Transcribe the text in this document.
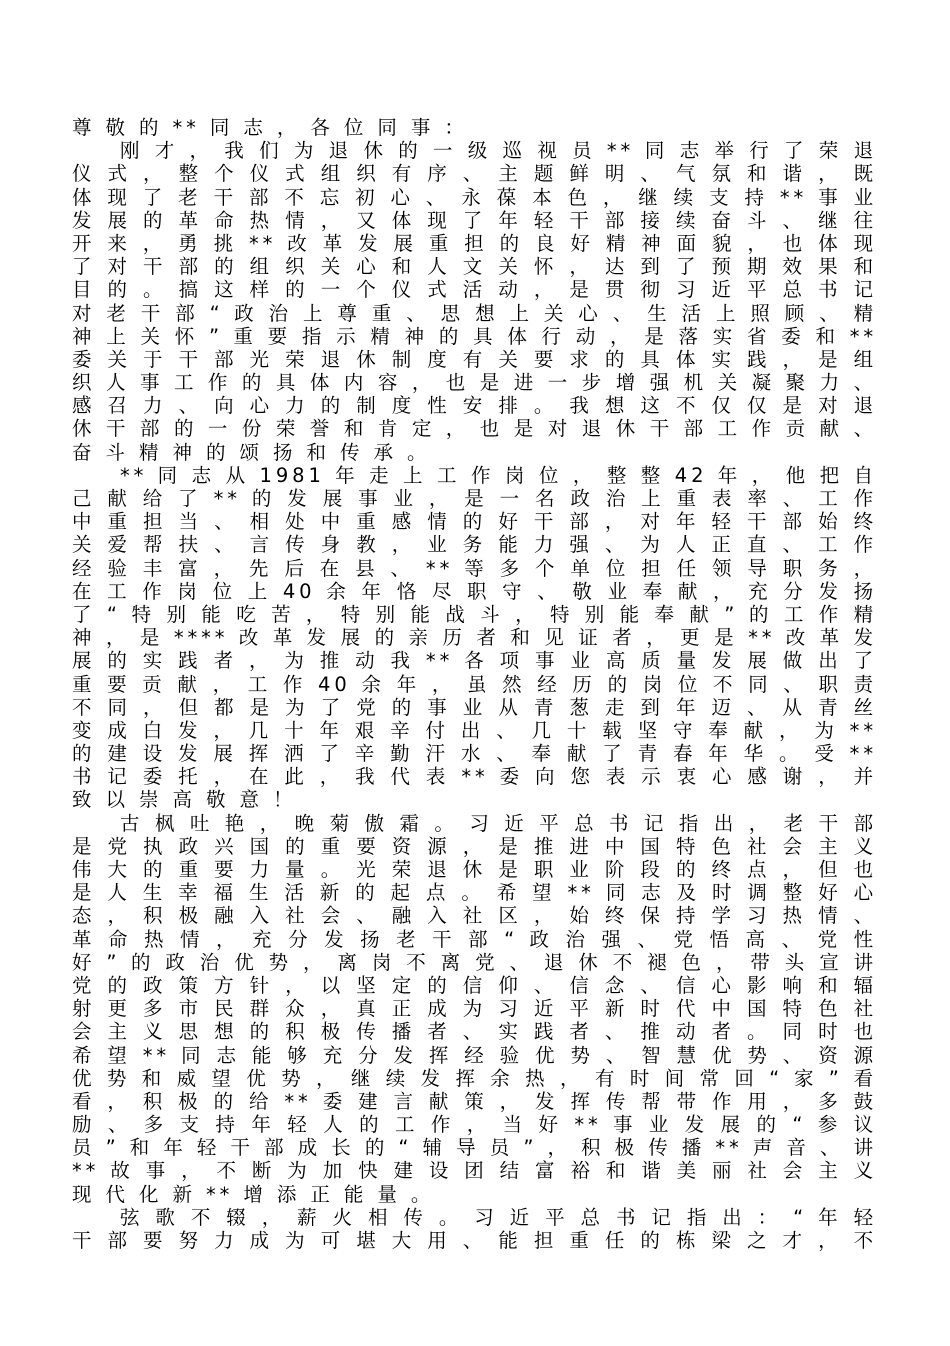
尊 敬 的 ** 同 志 ， 各 位 同 事 ：
刚 才 ， 我 们 为 退 休 的 一 级 巡 视 员 ** 同 志 举 行 了 荣 退
仪 式 ， 整 个 仪 式 组 织 有 序 、 主 题 鲜 明 、 气 氛 和 谐 ， 既
体 现 了 老 干 部 不 忘 初 心 、 永 葆 本 色 ， 继 续 支 持 ** 事 业
发 展 的 革 命 热 情 ， 又 体 现 了 年 轻 干 部 接 续 奋 斗 、 继 往
开 来 ， 勇 挑 ** 改 革 发 展 重 担 的 良 好 精 神 面 貌 ， 也 体 现
了 对 干 部 的 组 织 关 心 和 人 文 关 怀 ， 达 到 了 预 期 效 果 和
目 的 。 搞 这 样 的 一 个 仪 式 活 动 ， 是 贯 彻 习 近 平 总 书 记
对 老 干 部 “ 政 治 上 尊 重 、 思 想 上 关 心 、 生 活 上 照 顾 、 精
神 上 关 怀 ” 重 要 指 示 精 神 的 具 体 行 动 ， 是 落 实 省 委 和 **
委 关 于 干 部 光 荣 退 休 制 度 有 关 要 求 的 具 体 实 践 ， 是 组
织 人 事 工 作 的 具 体 内 容 ， 也 是 进 一 步 增 强 机 关 凝 聚 力 、
感 召 力 、 向 心 力 的 制 度 性 安 排 。 我 想 这 不 仅 仅 是 对 退
休 干 部 的 一 份 荣 誉 和 肯 定 ， 也 是 对 退 休 干 部 工 作 贡 献 、
奋 斗 精 神 的 颂 扬 和 传 承 。
** 同 志 从 1981 年 走 上 工 作 岗 位 ， 整 整 42 年 ， 他 把 自
己 献 给 了 ** 的 发 展 事 业 ， 是 一 名 政 治 上 重 表 率 、 工 作
中 重 担 当 、 相 处 中 重 感 情 的 好 干 部 ， 对 年 轻 干 部 始 终
关 爱 帮 扶 、 言 传 身 教 ， 业 务 能 力 强 、 为 人 正 直 、 工 作
经 验 丰 富 ， 先 后 在 县 、 ** 等 多 个 单 位 担 任 领 导 职 务 ，
在 工 作 岗 位 上 40 余 年 恪 尽 职 守 、 敬 业 奉 献 ， 充 分 发 扬
了 “ 特 别 能 吃 苦 ， 特 别 能 战 斗 ， 特 别 能 奉 献 ” 的 工 作 精
神 ， 是 **** 改 革 发 展 的 亲 历 者 和 见 证 者 ， 更 是 ** 改 革 发
展 的 实 践 者 ， 为 推 动 我 ** 各 项 事 业 高 质 量 发 展 做 出 了
重 要 贡 献 ， 工 作 40 余 年 ， 虽 然 经 历 的 岗 位 不 同 、 职 责
不 同 ， 但 都 是 为 了 党 的 事 业 从 青 葱 走 到 年 迈 、 从 青 丝
变 成 白 发 ， 几 十 年 艰 辛 付 出 、 几 十 载 坚 守 奉 献 ， 为 **
的 建 设 发 展 挥 洒 了 辛 勤 汗 水 、 奉 献 了 青 春 年 华 。 受 **
书 记 委 托 ， 在 此 ， 我 代 表 ** 委 向 您 表 示 衷 心 感 谢 ， 并
致 以 崇 高 敬 意 ！
古 枫 吐 艳 ， 晚 菊 傲 霜 。 习 近 平 总 书 记 指 出 ， 老 干 部
是 党 执 政 兴 国 的 重 要 资 源 ， 是 推 进 中 国 特 色 社 会 主 义
伟 大 的 重 要 力 量 。 光 荣 退 休 是 职 业 阶 段 的 终 点 ， 但 也
是 人 生 幸 福 生 活 新 的 起 点 。 希 望 ** 同 志 及 时 调 整 好 心
态 ， 积 极 融 入 社 会 、 融 入 社 区 ， 始 终 保 持 学 习 热 情 、
革 命 热 情 ， 充 分 发 扬 老 干 部 “ 政 治 强 、 党 悟 高 、 党 性
好 ” 的 政 治 优 势 ， 离 岗 不 离 党 、 退 休 不 褪 色 ， 带 头 宣 讲
党 的 政 策 方 针 ， 以 坚 定 的 信 仰 、 信 念 、 信 心 影 响 和 辐
射 更 多 市 民 群 众 ， 真 正 成 为 习 近 平 新 时 代 中 国 特 色 社
会 主 义 思 想 的 积 极 传 播 者 、 实 践 者 、 推 动 者 。 同 时 也
希 望 ** 同 志 能 够 充 分 发 挥 经 验 优 势 、 智 慧 优 势 、 资 源
优 势 和 威 望 优 势 ， 继 续 发 挥 余 热 ， 有 时 间 常 回 “ 家 ” 看
看 ， 积 极 的 给 ** 委 建 言 献 策 ， 发 挥 传 帮 带 作 用 ， 多 鼓
励 、 多 支 持 年 轻 人 的 工 作 ， 当 好 ** 事 业 发 展 的 “ 参 议
员 ” 和 年 轻 干 部 成 长 的 “ 辅 导 员 ” ， 积 极 传 播 ** 声 音 、 讲
** 故 事 ， 不 断 为 加 快 建 设 团 结 富 裕 和 谐 美 丽 社 会 主 义
现 代 化 新 ** 增 添 正 能 量 。
弦 歌 不 辍 ， 薪 火 相 传 。 习 近 平 总 书 记 指 出 ： “ 年 轻
干 部 要 努 力 成 为 可 堪 大 用 、 能 担 重 任 的 栋 梁 之 才 ， 不
